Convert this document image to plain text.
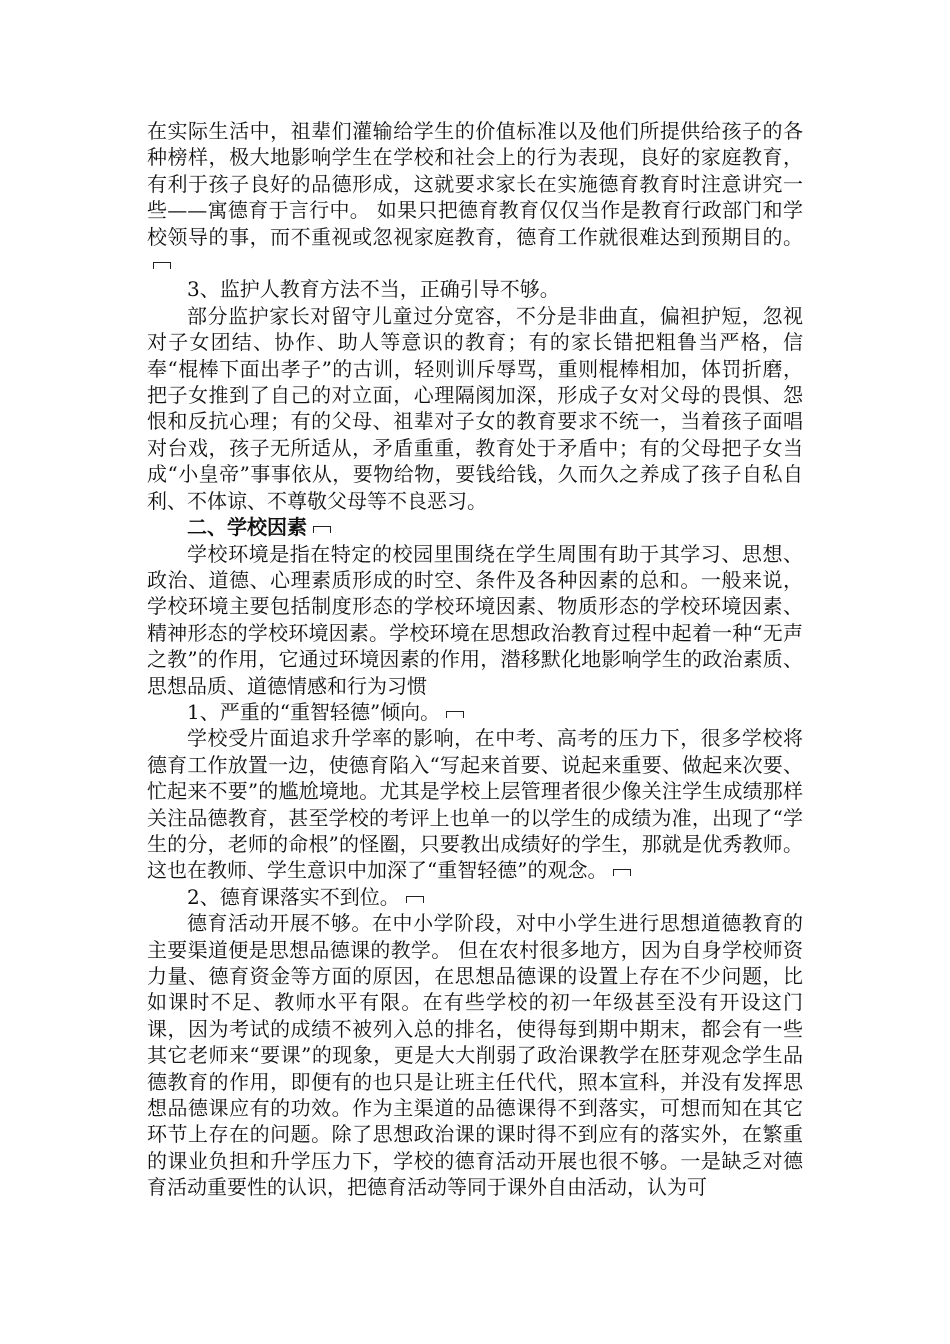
在实际生活中，祖辈们灌输给学生的价值标准以及他们所提供给孩子的各种榜样，极大地影响学生在学校和社会上的行为表现，良好的家庭教育，有利于孩子良好的品德形成，这就要求家长在实施德育教育时注意讲究一些——寓德育于言行中。 如果只把德育教育仅仅当作是教育行政部门和学校领导的事，而不重视或忽视家庭教育，德育工作就很难达到预期目的。

3、监护人教育方法不当，正确引导不够。

部分监护家长对留守儿童过分宽容，不分是非曲直，偏袒护短，忽视对子女团结、协作、助人等意识的教育；有的家长错把粗鲁当严格，信奉“棍棒下面出孝子”的古训，轻则训斥辱骂，重则棍棒相加，体罚折磨，把子女推到了自己的对立面，心理隔阂加深，形成子女对父母的畏惧、怨恨和反抗心理；有的父母、祖辈对子女的教育要求不统一，当着孩子面唱对台戏，孩子无所适从，矛盾重重，教育处于矛盾中；有的父母把子女当成“小皇帝”事事依从，要物给物，要钱给钱，久而久之养成了孩子自私自利、不体谅、不尊敬父母等不良恶习。

二、学校因素

学校环境是指在特定的校园里围绕在学生周围有助于其学习、思想、政治、道德、心理素质形成的时空、条件及各种因素的总和。一般来说，学校环境主要包括制度形态的学校环境因素、物质形态的学校环境因素、精神形态的学校环境因素。学校环境在思想政治教育过程中起着一种“无声之教”的作用，它通过环境因素的作用，潜移默化地影响学生的政治素质、思想品质、道德情感和行为习惯

1、严重的“重智轻德”倾向。

学校受片面追求升学率的影响，在中考、高考的压力下，很多学校将德育工作放置一边，使德育陷入“写起来首要、说起来重要、做起来次要、忙起来不要”的尴尬境地。尤其是学校上层管理者很少像关注学生成绩那样关注品德教育，甚至学校的考评上也单一的以学生的成绩为准，出现了“学生的分，老师的命根”的怪圈，只要教出成绩好的学生，那就是优秀教师。这也在教师、学生意识中加深了“重智轻德”的观念。

2、德育课落实不到位。

德育活动开展不够。在中小学阶段，对中小学生进行思想道德教育的主要渠道便是思想品德课的教学。 但在农村很多地方，因为自身学校师资力量、德育资金等方面的原因，在思想品德课的设置上存在不少问题，比如课时不足、教师水平有限。在有些学校的初一年级甚至没有开设这门课，因为考试的成绩不被列入总的排名，使得每到期中期末，都会有一些其它老师来“要课”的现象，更是大大削弱了政治课教学在胚芽观念学生品德教育的作用，即便有的也只是让班主任代代，照本宣科，并没有发挥思想品德课应有的功效。作为主渠道的品德课得不到落实，可想而知在其它环节上存在的问题。除了思想政治课的课时得不到应有的落实外，在繁重的课业负担和升学压力下，学校的德育活动开展也很不够。一是缺乏对德育活动重要性的认识，把德育活动等同于课外自由活动，认为可
